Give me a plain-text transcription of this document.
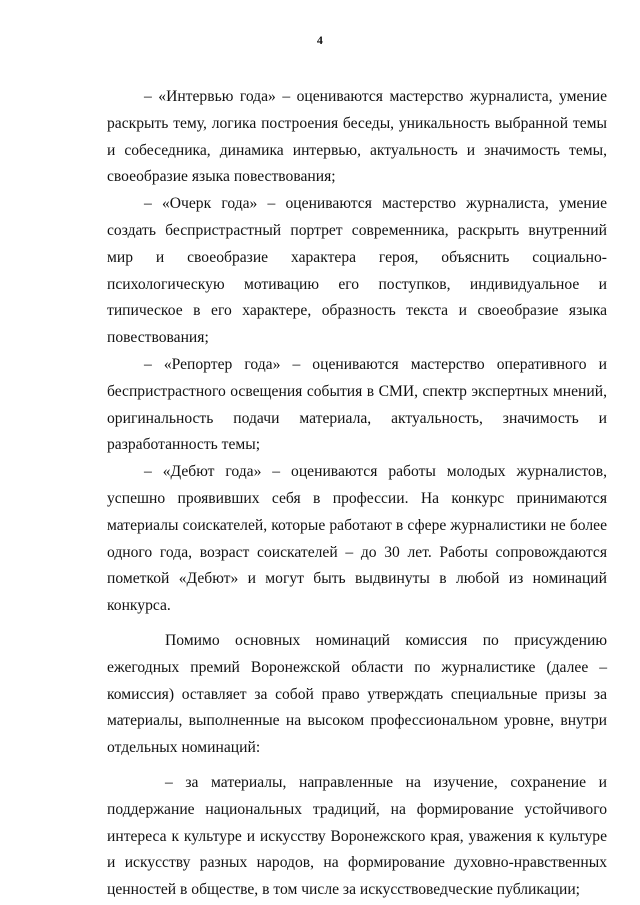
4

– «Интервью года» – оцениваются мастерство журналиста, умение раскрыть тему, логика построения беседы, уникальность выбранной темы и собеседника, динамика интервью, актуальность и значимость темы, своеобразие языка повествования;

– «Очерк года» – оцениваются мастерство журналиста, умение создать беспристрастный портрет современника, раскрыть внутренний мир и своеобразие характера героя, объяснить социально-психологическую мотивацию его поступков, индивидуальное и типическое в его характере, образность текста и своеобразие языка повествования;

– «Репортер года» – оцениваются мастерство оперативного и беспристрастного освещения события в СМИ, спектр экспертных мнений, оригинальность подачи материала, актуальность, значимость и разработанность темы;

– «Дебют года» – оцениваются работы молодых журналистов, успешно проявивших себя в профессии. На конкурс принимаются материалы соискателей, которые работают в сфере журналистики не более одного года, возраст соискателей – до 30 лет. Работы сопровождаются пометкой «Дебют» и могут быть выдвинуты в любой из номинаций конкурса.

Помимо основных номинаций комиссия по присуждению ежегодных премий Воронежской области по журналистике (далее – комиссия) оставляет за собой право утверждать специальные призы за материалы, выполненные на высоком профессиональном уровне, внутри отдельных номинаций:

– за материалы, направленные на изучение, сохранение и поддержание национальных традиций, на формирование устойчивого интереса к культуре и искусству Воронежского края, уважения к культуре и искусству разных народов, на формирование духовно-нравственных ценностей в обществе, в том числе за искусствоведческие публикации;
